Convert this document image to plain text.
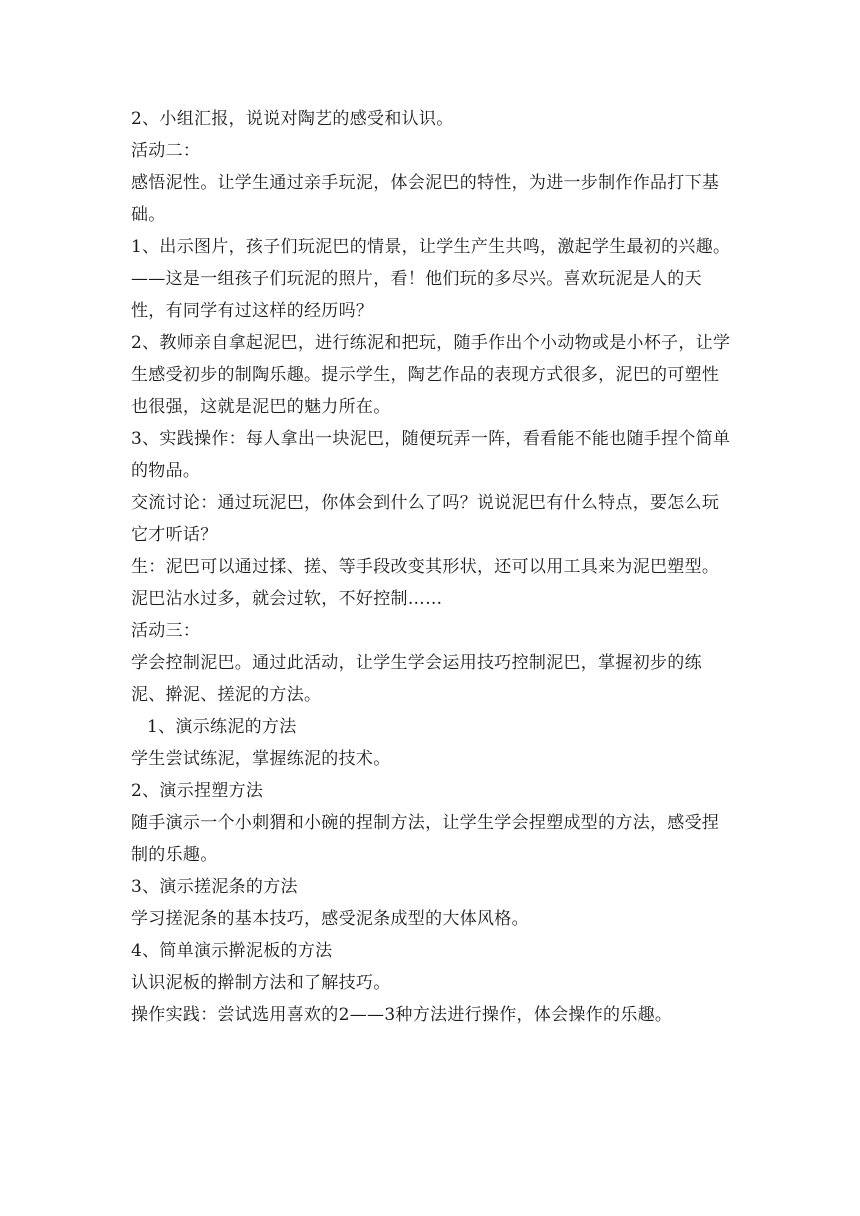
2、小组汇报，说说对陶艺的感受和认识。

活动二：

感悟泥性。让学生通过亲手玩泥，体会泥巴的特性，为进一步制作作品打下基础。

1、出示图片，孩子们玩泥巴的情景，让学生产生共鸣，激起学生最初的兴趣。——这是一组孩子们玩泥的照片，看！他们玩的多尽兴。喜欢玩泥是人的天性，有同学有过这样的经历吗？

2、教师亲自拿起泥巴，进行练泥和把玩，随手作出个小动物或是小杯子，让学生感受初步的制陶乐趣。提示学生，陶艺作品的表现方式很多，泥巴的可塑性也很强，这就是泥巴的魅力所在。

3、实践操作：每人拿出一块泥巴，随便玩弄一阵，看看能不能也随手捏个简单的物品。

交流讨论：通过玩泥巴，你体会到什么了吗？说说泥巴有什么特点，要怎么玩它才听话？

生：泥巴可以通过揉、搓、等手段改变其形状，还可以用工具来为泥巴塑型。泥巴沾水过多，就会过软，不好控制……

活动三：

学会控制泥巴。通过此活动，让学生学会运用技巧控制泥巴，掌握初步的练泥、擀泥、搓泥的方法。

1、演示练泥的方法

学生尝试练泥，掌握练泥的技术。

2、演示捏塑方法

随手演示一个小刺猬和小碗的捏制方法，让学生学会捏塑成型的方法，感受捏制的乐趣。

3、演示搓泥条的方法

学习搓泥条的基本技巧，感受泥条成型的大体风格。

4、简单演示擀泥板的方法

认识泥板的擀制方法和了解技巧。

操作实践：尝试选用喜欢的2——3种方法进行操作，体会操作的乐趣。
